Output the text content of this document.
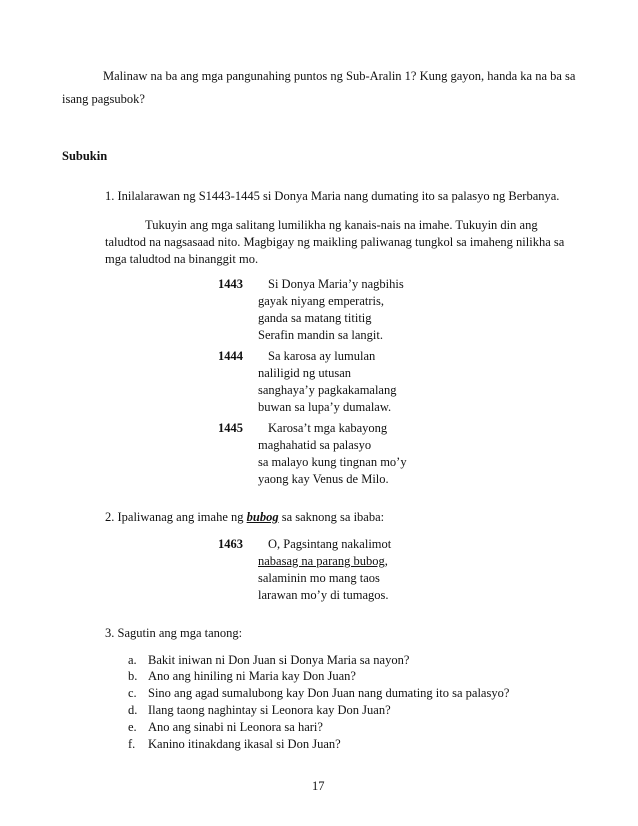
Malinaw na ba ang mga pangunahing puntos ng Sub-Aralin 1? Kung gayon, handa ka na ba sa
isang pagsubok?
Subukin
1. Inilalarawan ng S1443-1445 si Donya Maria nang dumating ito sa palasyo ng Berbanya.
Tukuyin ang mga salitang lumilikha ng kanais-nais na imahe. Tukuyin din ang
taludtod na nagsasaad nito. Magbigay ng maikling paliwanag tungkol sa imaheng nilikha sa
mga taludtod na binanggit mo.
1443 Si Donya Maria’y nagbihis
gayak niyang emperatris,
ganda sa matang tititig
Serafin mandin sa langit.
1444 Sa karosa ay lumulan
naliligid ng utusan
sanghaya’y pagkakamalang
buwan sa lupa’y dumalaw.
1445 Karosa’t mga kabayong
maghahatid sa palasyo
sa malayo kung tingnan mo’y
yaong kay Venus de Milo.
2. Ipaliwanag ang imahe ng bubog sa saknong sa ibaba:
1463 O, Pagsintang nakalimot
nabasag na parang bubog,
salaminin mo mang taos
larawan mo’y di tumagos.
3. Sagutin ang mga tanong:
a. Bakit iniwan ni Don Juan si Donya Maria sa nayon?
b. Ano ang hiniling ni Maria kay Don Juan?
c. Sino ang agad sumalubong kay Don Juan nang dumating ito sa palasyo?
d. Ilang taong naghintay si Leonora kay Don Juan?
e. Ano ang sinabi ni Leonora sa hari?
f. Kanino itinakdang ikasal si Don Juan?
17
